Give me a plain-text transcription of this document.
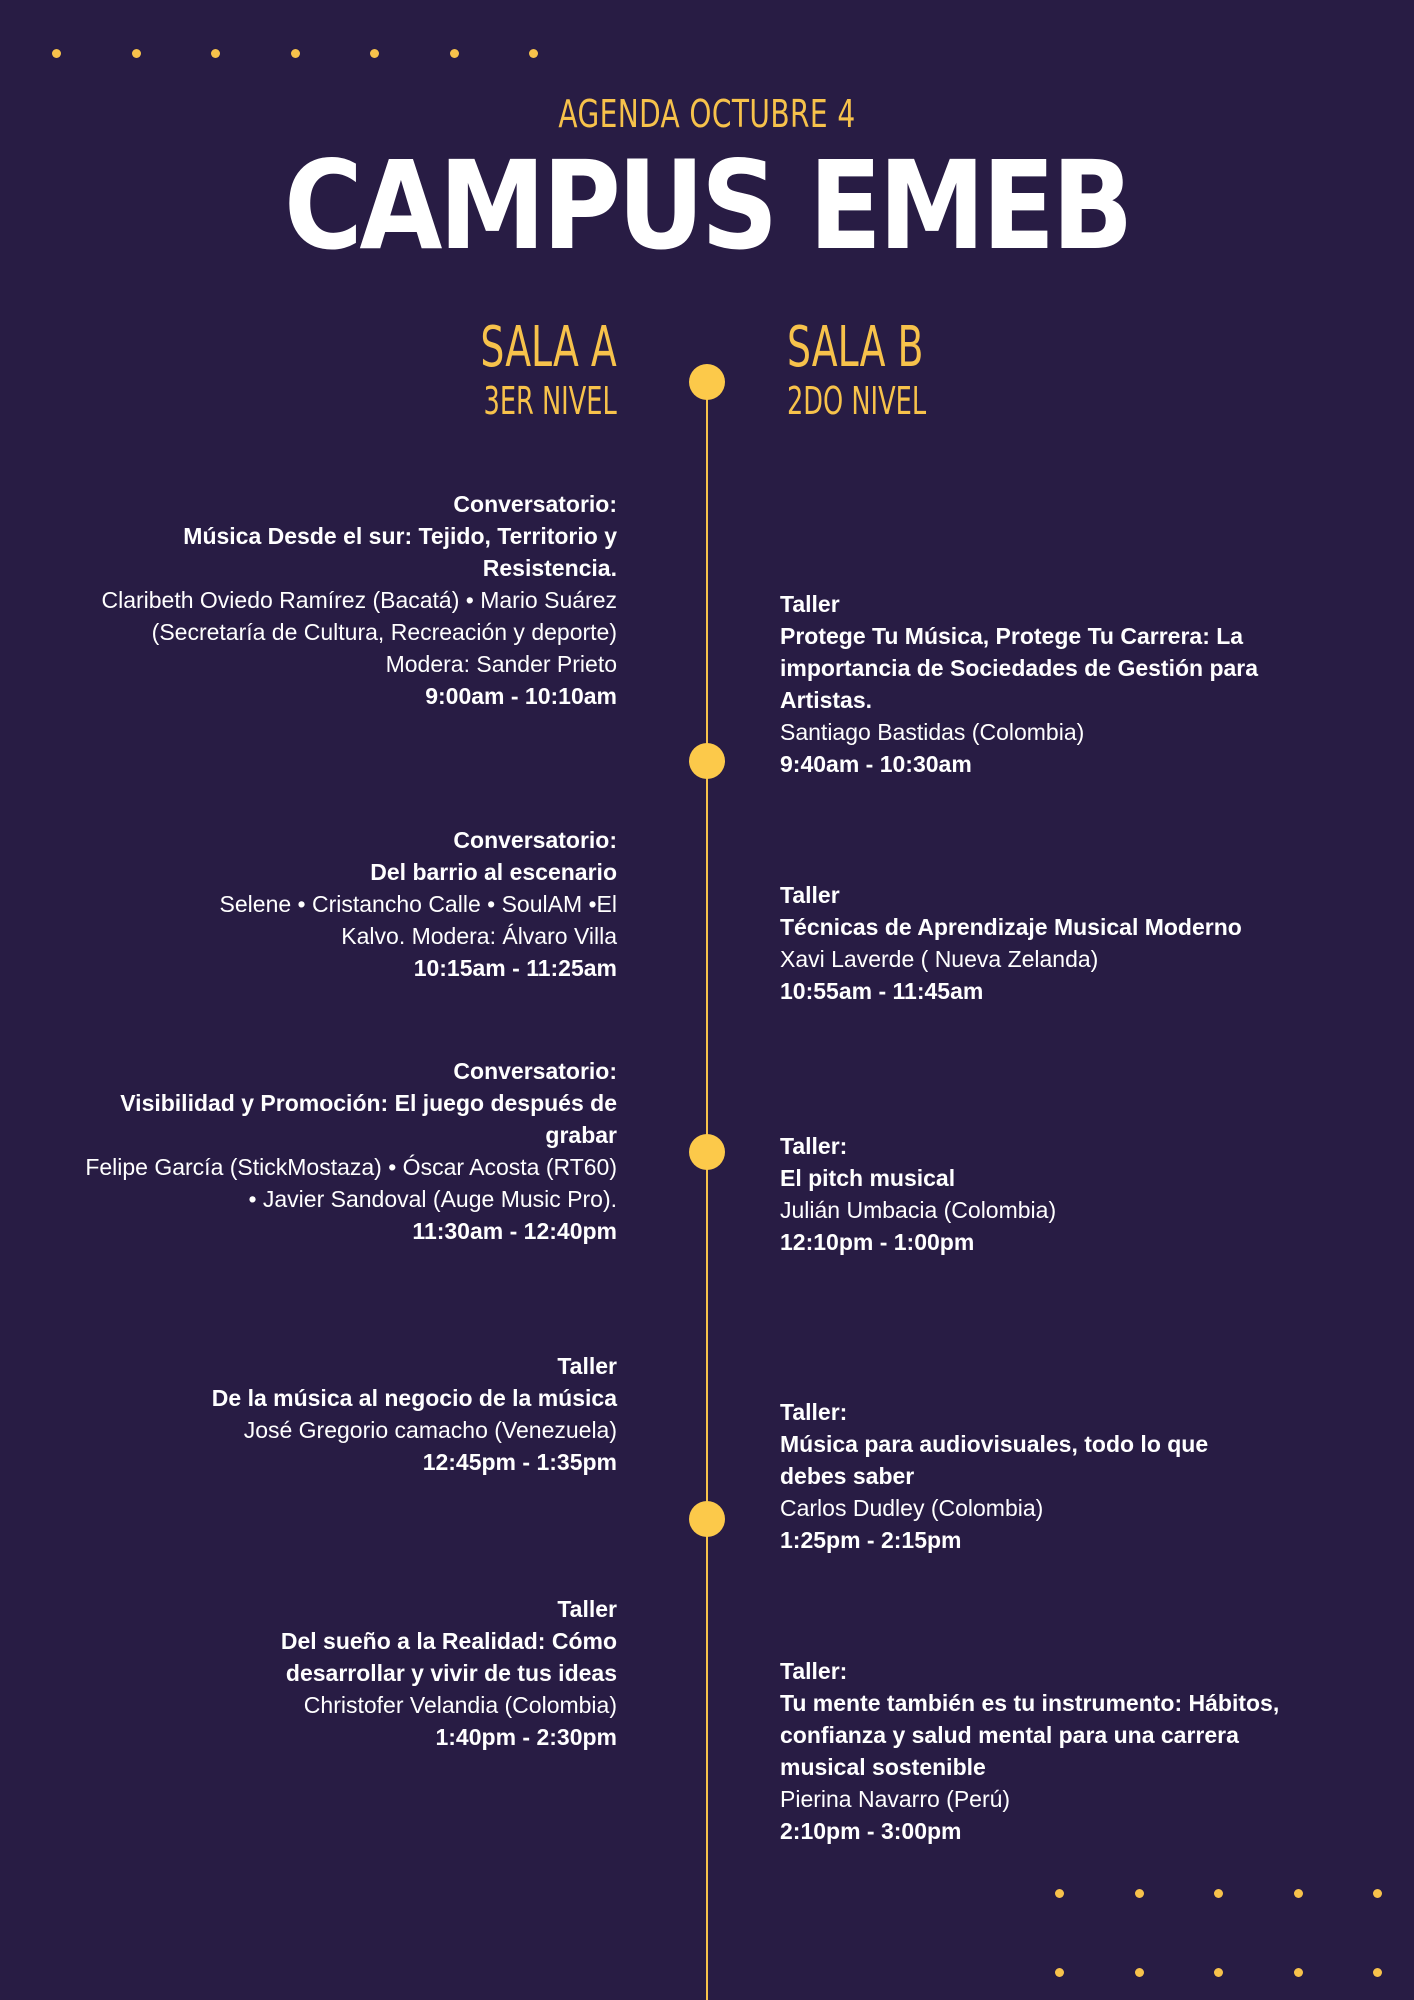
AGENDA OCTUBRE 4
CAMPUS EMEB
SALA A
3ER NIVEL
SALA B
2DO NIVEL
Conversatorio:
Música Desde el sur: Tejido, Territorio y Resistencia.
Claribeth Oviedo Ramírez (Bacatá) • Mario Suárez (Secretaría de Cultura, Recreación y deporte)
Modera: Sander Prieto
9:00am - 10:10am
Conversatorio:
Del barrio al escenario
Selene • Cristancho Calle • SoulAM •El Kalvo. Modera: Álvaro Villa
10:15am - 11:25am
Conversatorio:
Visibilidad y Promoción: El juego después de grabar
Felipe García (StickMostaza) • Óscar Acosta (RT60) • Javier Sandoval (Auge Music Pro).
11:30am - 12:40pm
Taller
De la música al negocio de la música
José Gregorio camacho (Venezuela)
12:45pm - 1:35pm
Taller
Del sueño a la Realidad: Cómo desarrollar y vivir de tus ideas
Christofer Velandia (Colombia)
1:40pm - 2:30pm
Taller
Protege Tu Música, Protege Tu Carrera: La importancia de Sociedades de Gestión para Artistas.
Santiago Bastidas (Colombia)
9:40am - 10:30am
Taller
Técnicas de Aprendizaje Musical Moderno
Xavi Laverde ( Nueva Zelanda)
10:55am - 11:45am
Taller:
El pitch musical
Julián Umbacia (Colombia)
12:10pm - 1:00pm
Taller:
Música para audiovisuales, todo lo que debes saber
Carlos Dudley (Colombia)
1:25pm - 2:15pm
Taller:
Tu mente también es tu instrumento: Hábitos, confianza y salud mental para una carrera musical sostenible
Pierina Navarro (Perú)
2:10pm - 3:00pm
